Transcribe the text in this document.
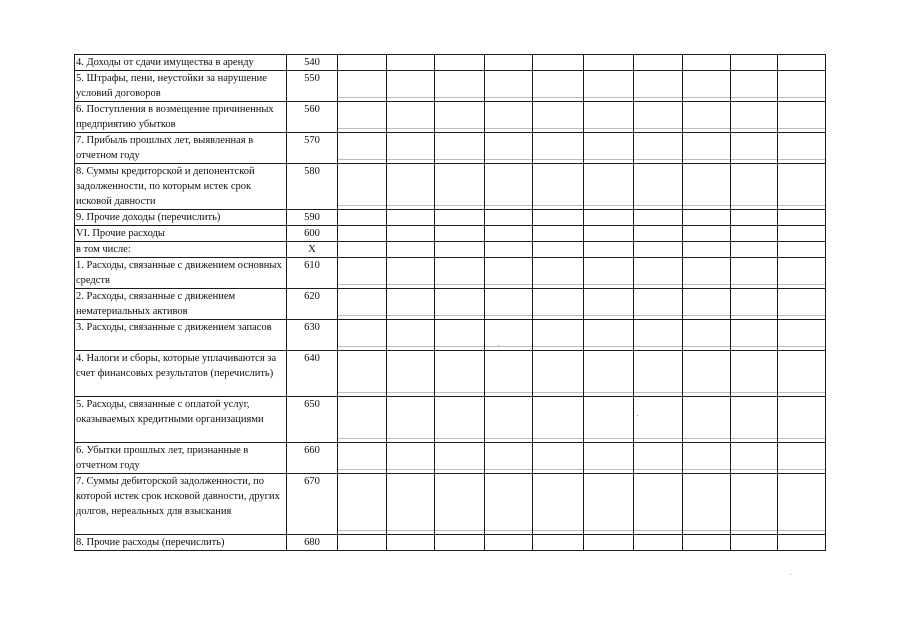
4. Доходы от сдачи имущества в аренду	540										
5. Штрафы, пени, неустойки за нарушение условий договоров	550										
6. Поступления в возмещение причиненных предприятию убытков	560										
7. Прибыль прошлых лет, выявленная в отчетном году	570										
8. Суммы кредиторской и депонентской задолженности, по которым истек срок исковой давности	580										
9. Прочие доходы (перечислить)	590										
VI. Прочие расходы	600										
в том числе:	X										
1. Расходы, связанные с движением основных средств	610										
2. Расходы, связанные с движением нематериальных активов	620										
3. Расходы, связанные с движением запасов	630										
4. Налоги и сборы, которые уплачиваются за счет финансовых результатов (перечислить)	640										
5. Расходы, связанные с оплатой услуг, оказываемых кредитными организациями	650										
6. Убытки прошлых лет, признанные в отчетном году	660										
7. Суммы дебиторской задолженности, по которой истек срок исковой давности, других долгов, нереальных для взыскания	670										
8. Прочие расходы (перечислить)	680										
